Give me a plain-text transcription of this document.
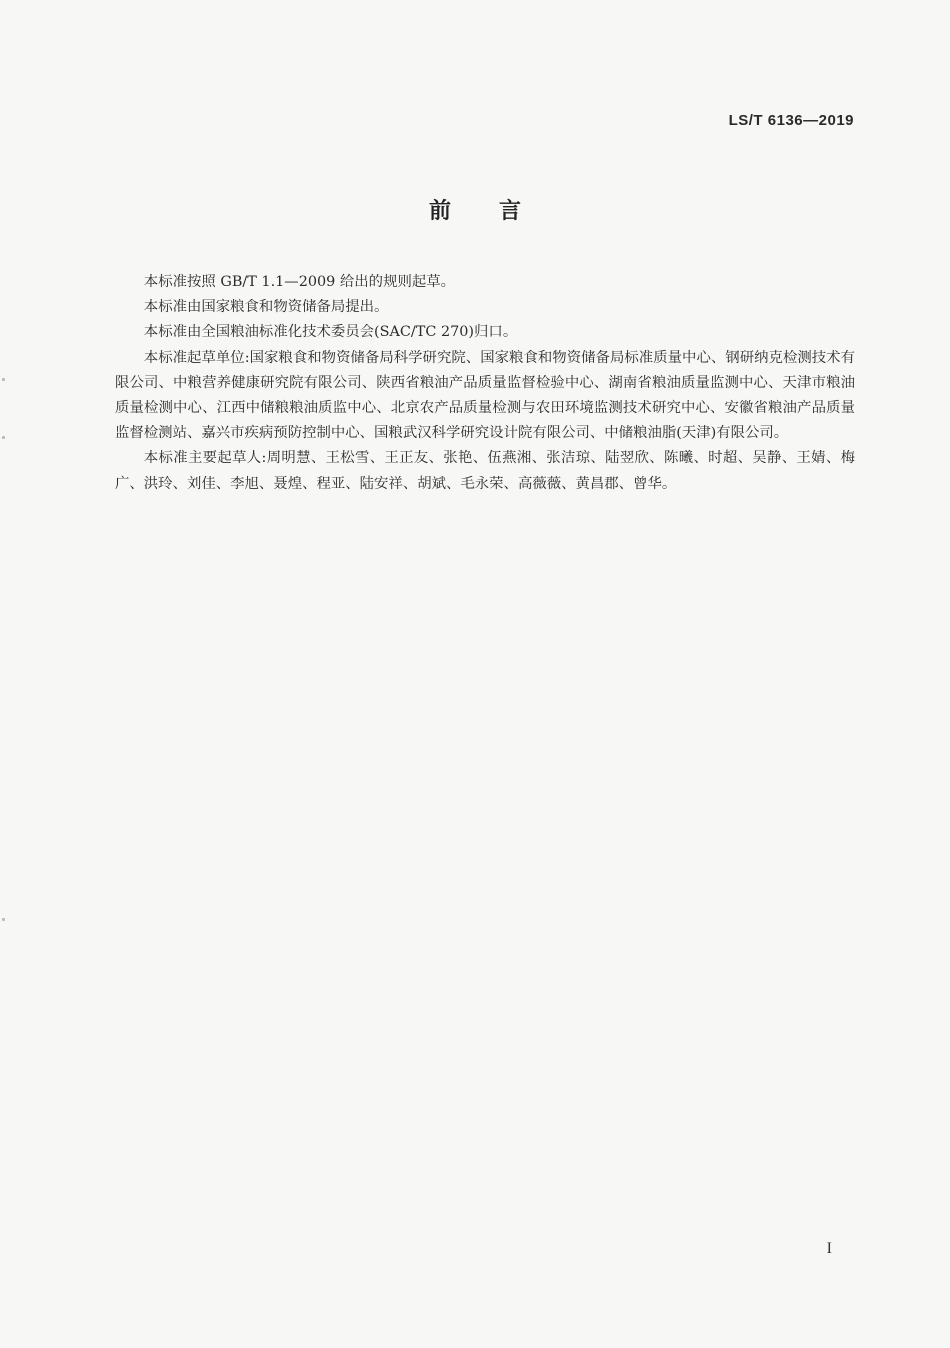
LS/T 6136—2019
前言

本标准按照 GB/T 1.1—2009 给出的规则起草。

本标准由国家粮食和物资储备局提出。

本标准由全国粮油标准化技术委员会(SAC/TC 270)归口。

本标准起草单位:国家粮食和物资储备局科学研究院、国家粮食和物资储备局标准质量中心、钢研纳克检测技术有限公司、中粮营养健康研究院有限公司、陕西省粮油产品质量监督检验中心、湖南省粮油质量监测中心、天津市粮油质量检测中心、江西中储粮粮油质监中心、北京农产品质量检测与农田环境监测技术研究中心、安徽省粮油产品质量监督检测站、嘉兴市疾病预防控制中心、国粮武汉科学研究设计院有限公司、中储粮油脂(天津)有限公司。

本标准主要起草人:周明慧、王松雪、王正友、张艳、伍燕湘、张洁琼、陆翌欣、陈曦、时超、吴静、王婧、梅广、洪玲、刘佳、李旭、聂煌、程亚、陆安祥、胡斌、毛永荣、高薇薇、黄昌郡、曾华。

I
